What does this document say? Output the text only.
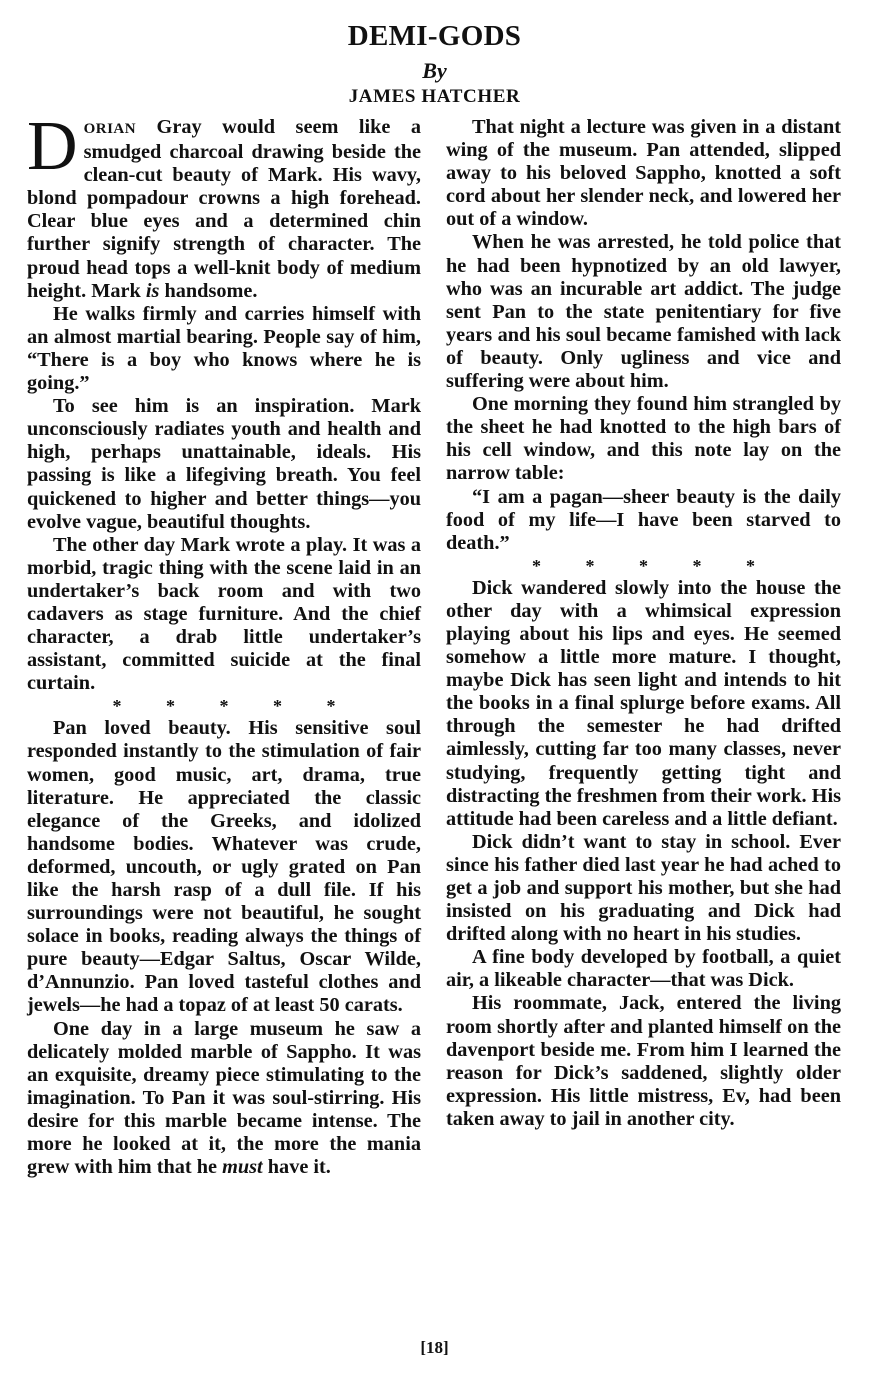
DEMI-GODS
By
JAMES HATCHER

DORIAN Gray would seem like a smudged charcoal drawing beside the clean-cut beauty of Mark. His wavy, blond pompadour crowns a high forehead. Clear blue eyes and a determined chin further signify strength of character. The proud head tops a well-knit body of medium height. Mark is handsome.

He walks firmly and carries himself with an almost martial bearing. People say of him, “There is a boy who knows where he is going.”

To see him is an inspiration. Mark unconsciously radiates youth and health and high, perhaps unattainable, ideals. His passing is like a lifegiving breath. You feel quickened to higher and better things—you evolve vague, beautiful thoughts.

The other day Mark wrote a play. It was a morbid, tragic thing with the scene laid in an undertaker’s back room and with two cadavers as stage furniture. And the chief character, a drab little undertaker’s assistant, committed suicide at the final curtain.

* * * * *

Pan loved beauty. His sensitive soul responded instantly to the stimulation of fair women, good music, art, drama, true literature. He appreciated the classic elegance of the Greeks, and idolized handsome bodies. Whatever was crude, deformed, uncouth, or ugly grated on Pan like the harsh rasp of a dull file. If his surroundings were not beautiful, he sought solace in books, reading always the things of pure beauty—Edgar Saltus, Oscar Wilde, d’Annunzio. Pan loved tasteful clothes and jewels—he had a topaz of at least 50 carats.

One day in a large museum he saw a delicately molded marble of Sappho. It was an exquisite, dreamy piece stimulating to the imagination. To Pan it was soul-stirring. His desire for this marble became intense. The more he looked at it, the more the mania grew with him that he must have it.

That night a lecture was given in a distant wing of the museum. Pan attended, slipped away to his beloved Sappho, knotted a soft cord about her slender neck, and lowered her out of a window.

When he was arrested, he told police that he had been hypnotized by an old lawyer, who was an incurable art addict. The judge sent Pan to the state penitentiary for five years and his soul became famished with lack of beauty. Only ugliness and vice and suffering were about him.

One morning they found him strangled by the sheet he had knotted to the high bars of his cell window, and this note lay on the narrow table:

“I am a pagan—sheer beauty is the daily food of my life—I have been starved to death.”

* * * * *

Dick wandered slowly into the house the other day with a whimsical expression playing about his lips and eyes. He seemed somehow a little more mature. I thought, maybe Dick has seen light and intends to hit the books in a final splurge before exams. All through the semester he had drifted aimlessly, cutting far too many classes, never studying, frequently getting tight and distracting the freshmen from their work. His attitude had been careless and a little defiant.

Dick didn’t want to stay in school. Ever since his father died last year he had ached to get a job and support his mother, but she had insisted on his graduating and Dick had drifted along with no heart in his studies.

A fine body developed by football, a quiet air, a likeable character—that was Dick.

His roommate, Jack, entered the living room shortly after and planted himself on the davenport beside me. From him I learned the reason for Dick’s saddened, slightly older expression. His little mistress, Ev, had been taken away to jail in another city.

[18]
